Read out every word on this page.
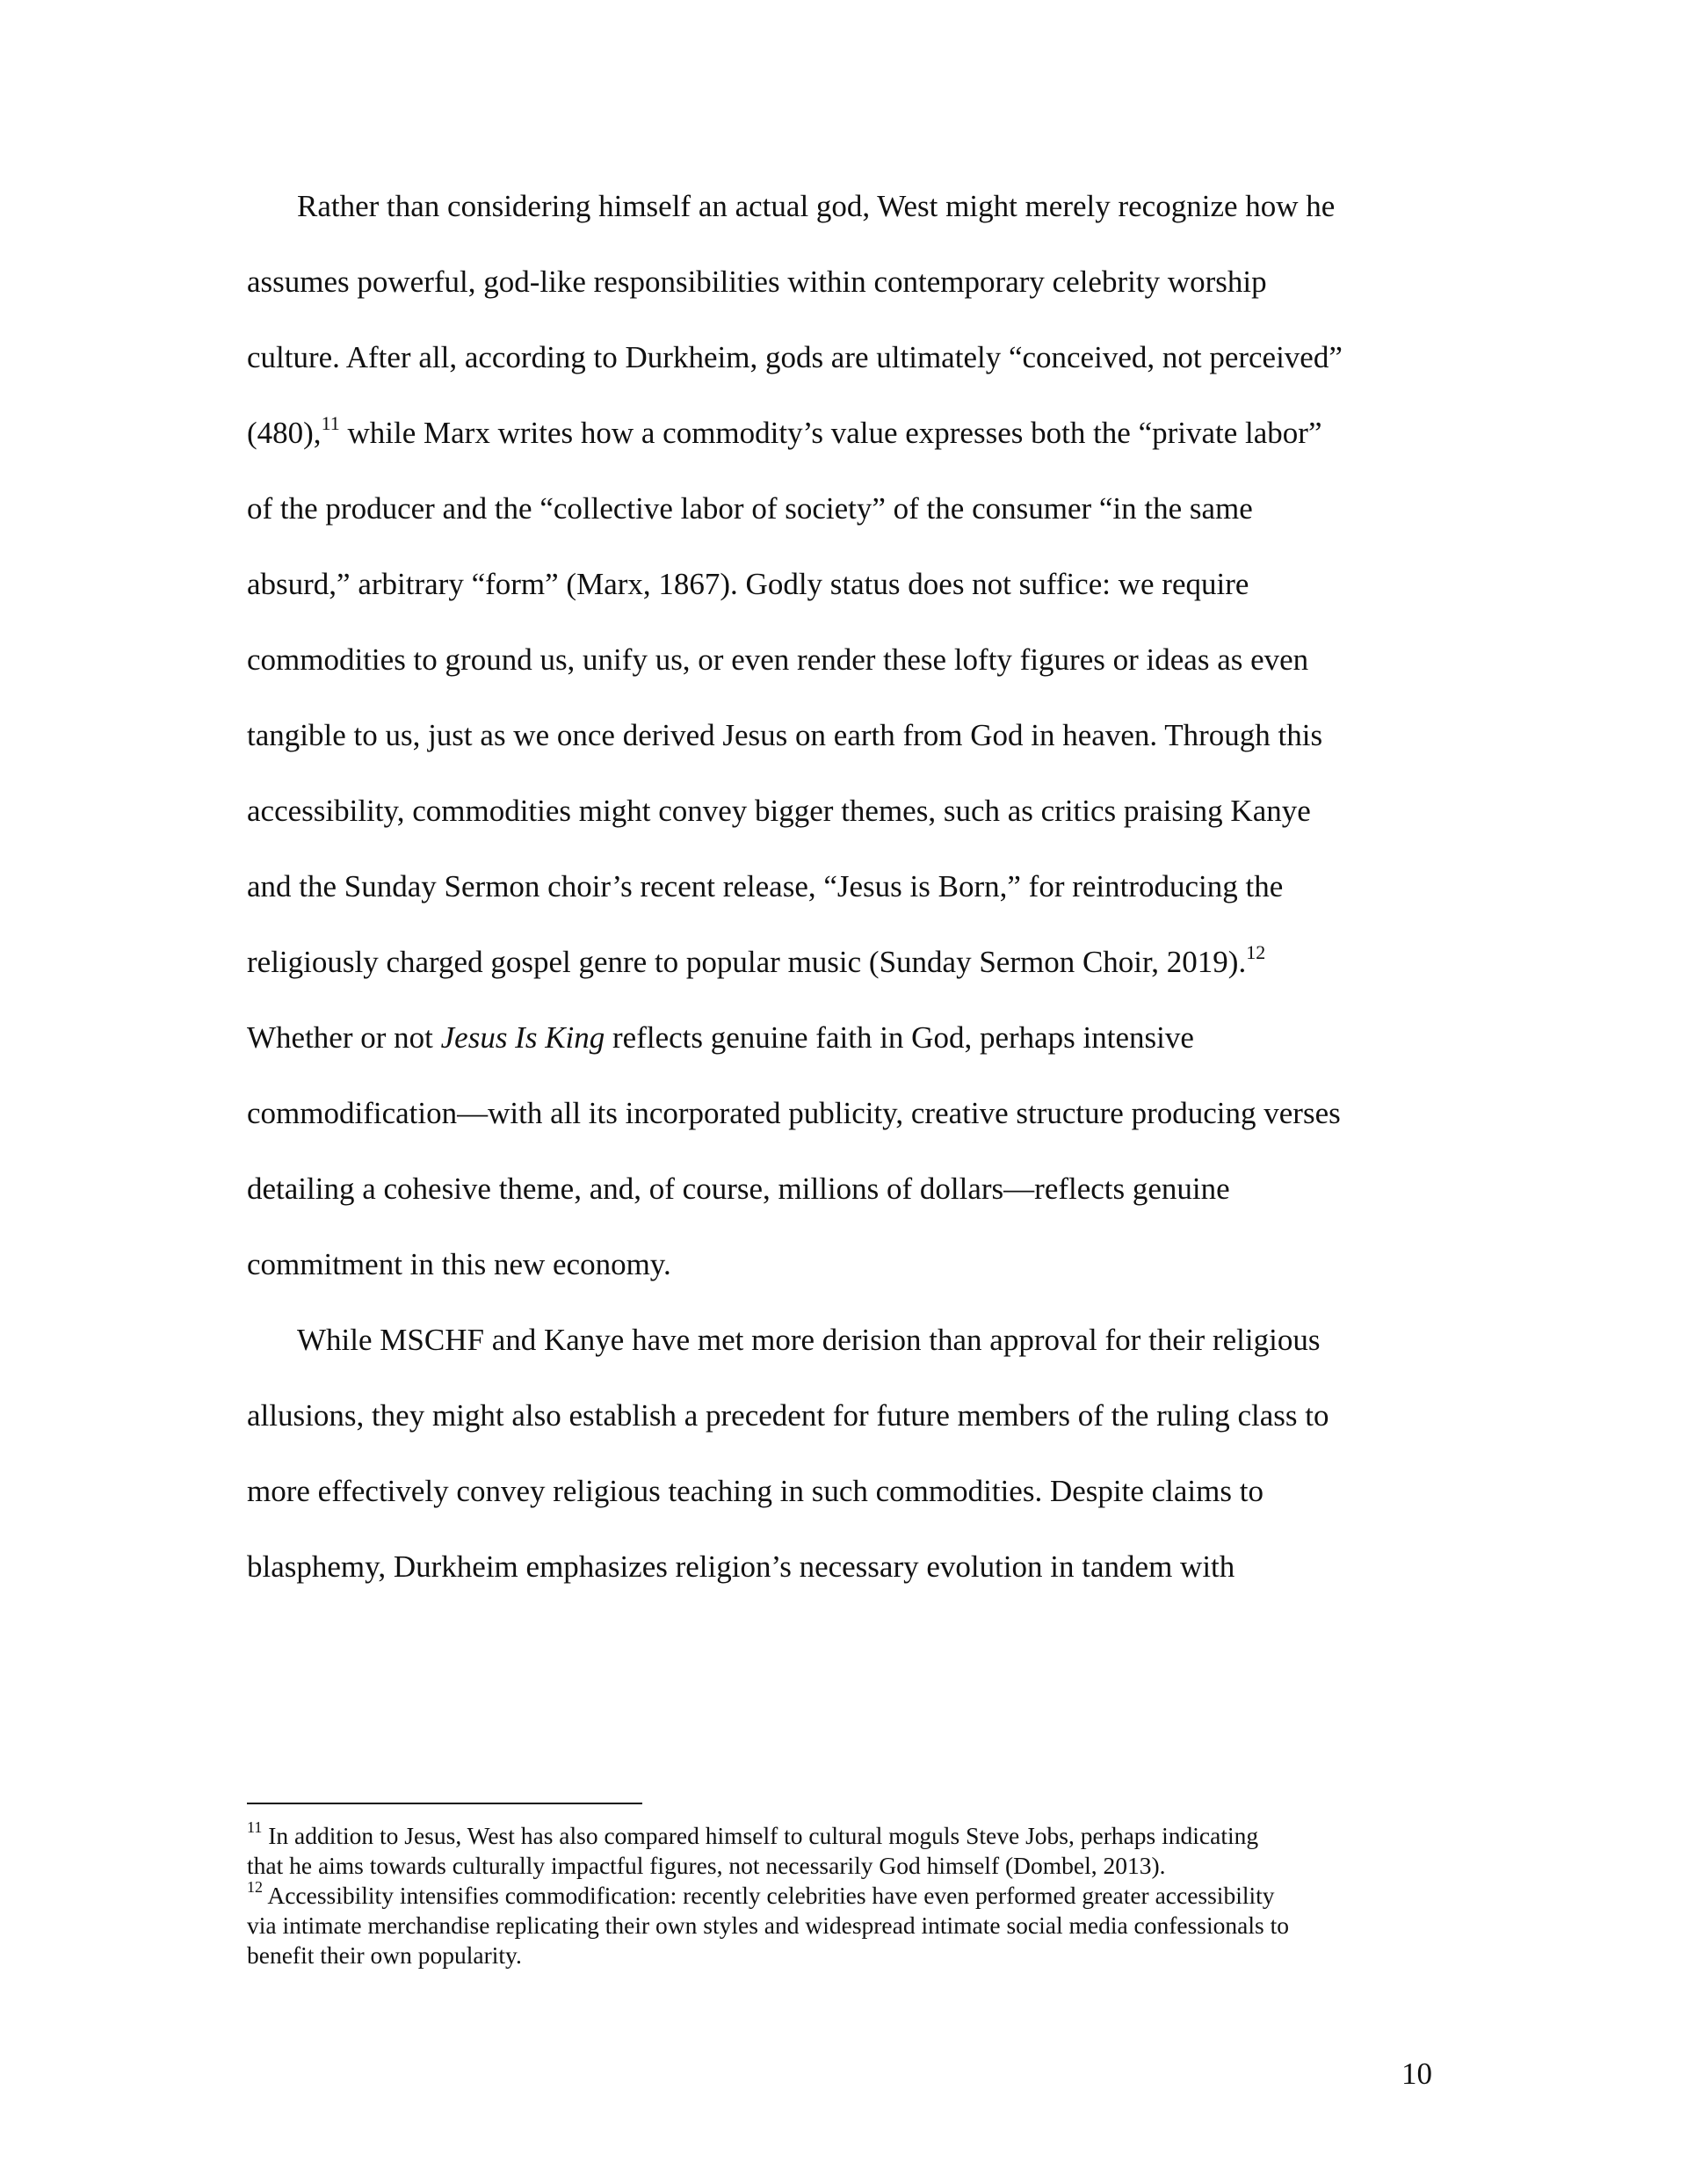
Rather than considering himself an actual god, West might merely recognize how he
assumes powerful, god-like responsibilities within contemporary celebrity worship
culture. After all, according to Durkheim, gods are ultimately “conceived, not perceived”
(480),$^{11}$ while Marx writes how a commodity’s value expresses both the “private labor”
of the producer and the “collective labor of society” of the consumer “in the same
absurd,” arbitrary “form” (Marx, 1867). Godly status does not suffice: we require
commodities to ground us, unify us, or even render these lofty figures or ideas as even
tangible to us, just as we once derived Jesus on earth from God in heaven. Through this
accessibility, commodities might convey bigger themes, such as critics praising Kanye
and the Sunday Sermon choir’s recent release, “Jesus is Born,” for reintroducing the
religiously charged gospel genre to popular music (Sunday Sermon Choir, 2019).$^{12}$
Whether or not Jesus Is King reflects genuine faith in God, perhaps intensive
commodification—with all its incorporated publicity, creative structure producing verses
detailing a cohesive theme, and, of course, millions of dollars—reflects genuine
commitment in this new economy.
While MSCHF and Kanye have met more derision than approval for their religious
allusions, they might also establish a precedent for future members of the ruling class to
more effectively convey religious teaching in such commodities. Despite claims to
blasphemy, Durkheim emphasizes religion’s necessary evolution in tandem with
$^{11}$ In addition to Jesus, West has also compared himself to cultural moguls Steve Jobs, perhaps indicating
that he aims towards culturally impactful figures, not necessarily God himself (Dombel, 2013).
$^{12}$ Accessibility intensifies commodification: recently celebrities have even performed greater accessibility
via intimate merchandise replicating their own styles and widespread intimate social media confessionals to
benefit their own popularity.
10
